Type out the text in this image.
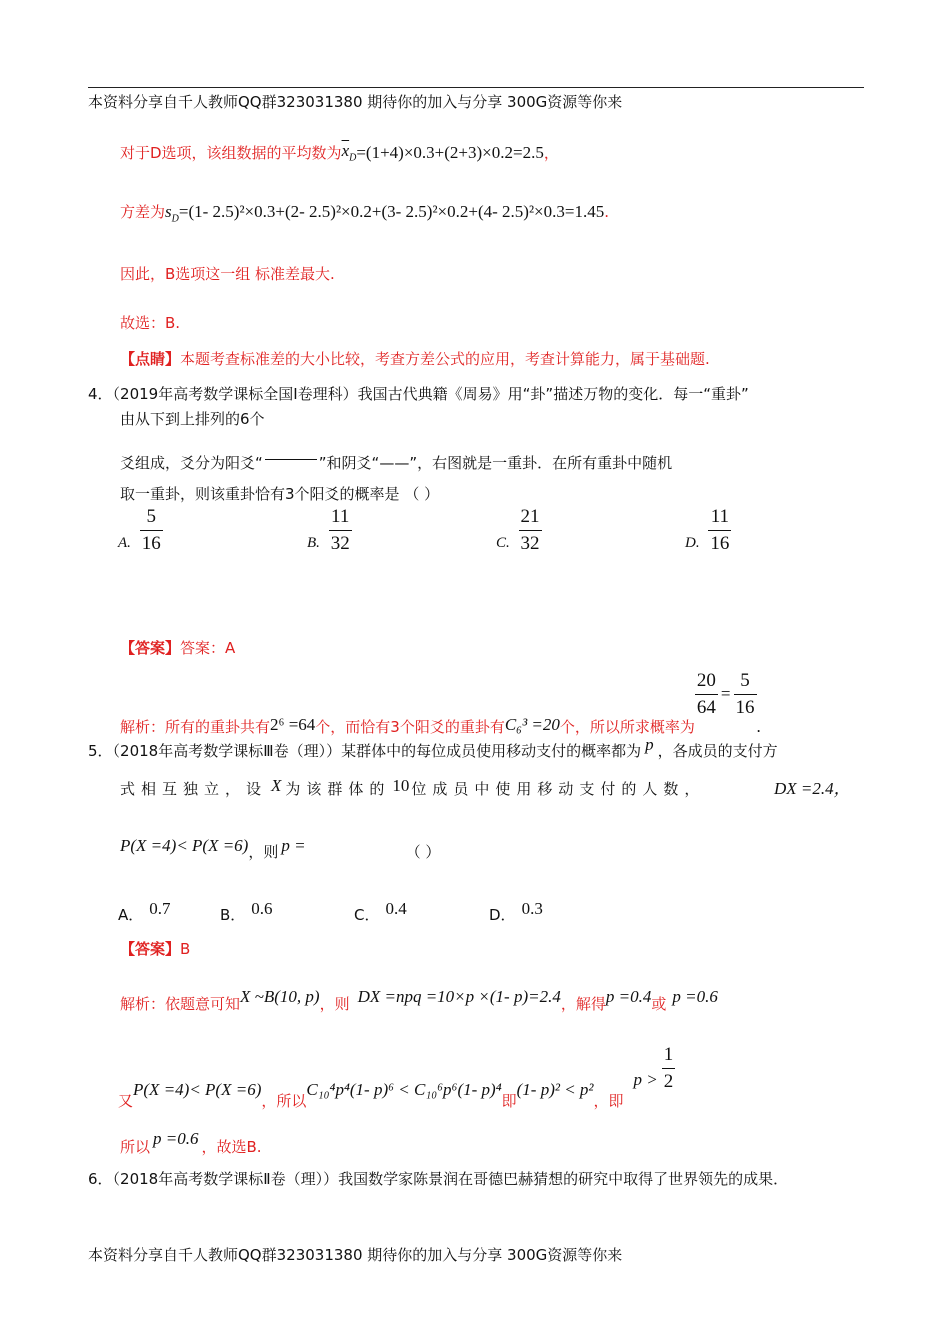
本资料分享自千人教师QQ群323031380 期待你的加入与分享 300G资源等你来
对于D选项，该组数据的平均数为$\overline{x}_D=(1+4)\times 0.3+(2+3)\times 0.2=2.5$，
方差为$s_D=(1-$ 2.5)²×0.3+(2- 2.5)²×0.2+(3- 2.5)²×0.2+(4- 2.5)²×0.3=1.45.
因此，B选项这一组 标准差最大.
故选：B.
【点睛】本题考查标准差的大小比较，考查方差公式的应用，考查计算能力，属于基础题.
4．（2019年高考数学课标全国Ⅰ卷理科）我国古代典籍《周易》用“卦”描述万物的变化．每一“重卦”
由从下到上排列的6个
爻组成，爻分为阳爻“	”和阴爻“——”，右图就是一重卦．在所有重卦中随机
取一重卦，则该重卦恰有3个阳爻的概率是 （ ）
A. $\frac{5}{16}$	B. $\frac{11}{32}$	C. $\frac{21}{32}$	D. $\frac{11}{16}$
【答案】答案：A
解析：所有的重卦共有2⁶ =64个，而恰有3个阳爻的重卦有C₆³ =20个，所以所求概率为
$\frac{20}{64} = \frac{5}{16}$
.
5．（2018年高考数学课标Ⅲ卷（理））某群体中的每位成员使用移动支付的概率都为 p ，各成员的支付方
式相互独立，设 X 为该群体的 10 位成员中使用移动支付的人数，	DX =2.4，
P(X =4)< P(X =6)，则 p =	（ ）
A． 0.7	B． 0.6	C． 0.4	D． 0.3
【答案】B
解析：依题意可知X ~B(10, p)，则 DX =npq =10×p ×(1- p)=2.4，解得p =0.4或 p =0.6
又P(X =4)< P(X =6)，所以C₁₀⁴p⁴(1- p)⁶ < C₁₀⁶p⁶(1- p)⁴即(1- p)² < p²，即$p > \frac{1}{2}$
所以 p =0.6 ，故选B.
6．（2018年高考数学课标Ⅱ卷（理））我国数学家陈景润在哥德巴赫猜想的研究中取得了世界领先的成果．
本资料分享自千人教师QQ群323031380 期待你的加入与分享 300G资源等你来
